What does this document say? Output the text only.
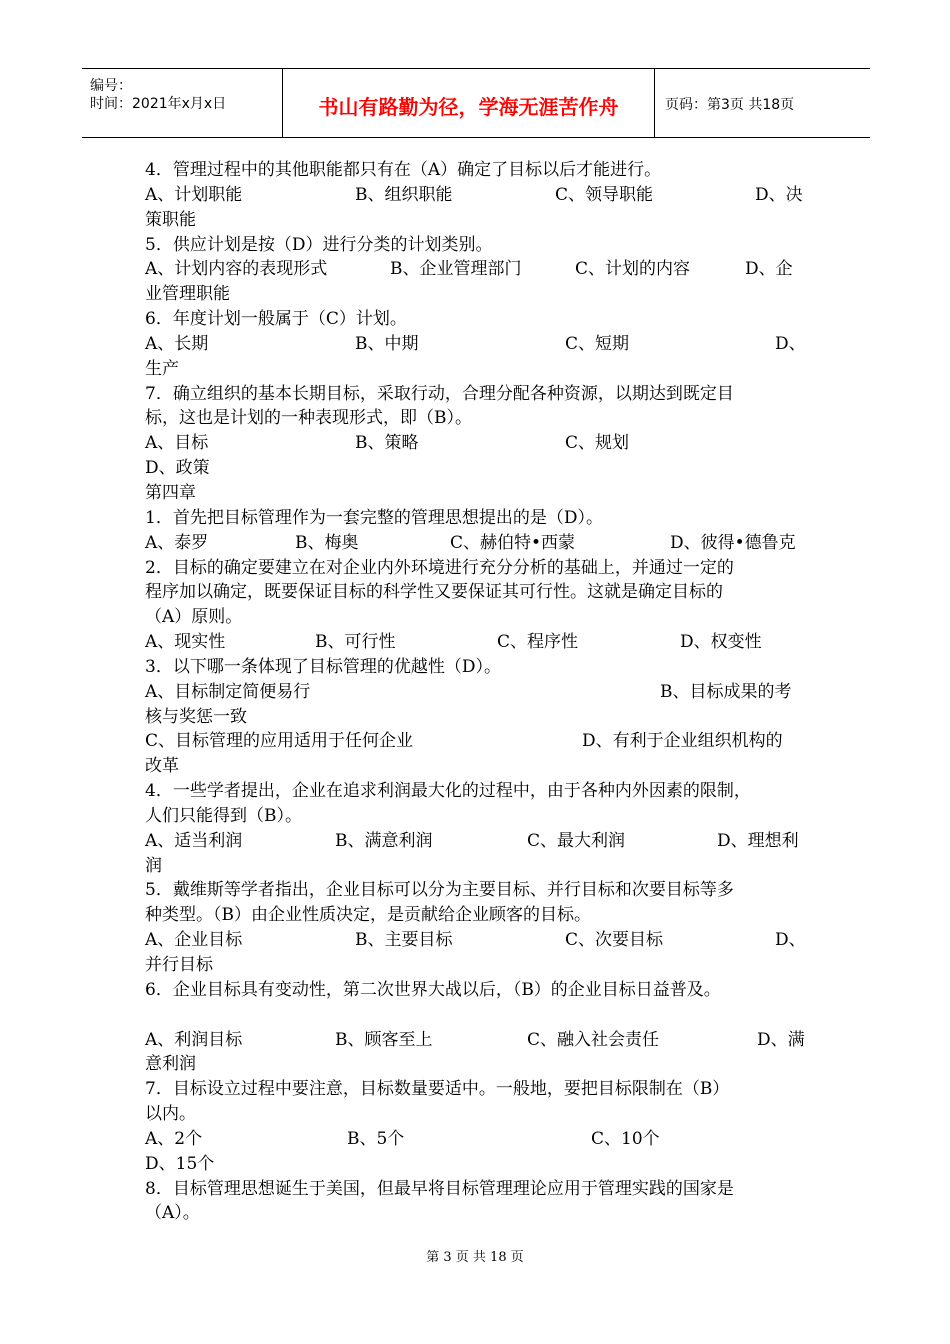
编号：
时间：2021年x月x日	书山有路勤为径，学海无涯苦作舟	页码：第3页 共18页
4．管理过程中的其他职能都只有在（A）确定了目标以后才能进行。
A、计划职能	B、组织职能	C、领导职能	D、决
策职能
5．供应计划是按（D）进行分类的计划类别。
A、计划内容的表现形式	B、企业管理部门	C、计划的内容	D、企
业管理职能
6．年度计划一般属于（C）计划。
A、长期	B、中期	C、短期	D、
生产
7．确立组织的基本长期目标，采取行动，合理分配各种资源，以期达到既定目
标，这也是计划的一种表现形式，即（B）。
A、目标	B、策略	C、规划
D、政策
第四章
1．首先把目标管理作为一套完整的管理思想提出的是（D）。
A、泰罗	B、梅奥	C、赫伯特•西蒙	D、彼得•德鲁克
2．目标的确定要建立在对企业内外环境进行充分分析的基础上，并通过一定的
程序加以确定，既要保证目标的科学性又要保证其可行性。这就是确定目标的
（A）原则。
A、现实性	B、可行性	C、程序性	D、权变性
3．以下哪一条体现了目标管理的优越性（D）。
A、目标制定简便易行	B、目标成果的考
核与奖惩一致
C、目标管理的应用适用于任何企业	D、有利于企业组织机构的
改革
4．一些学者提出，企业在追求利润最大化的过程中，由于各种内外因素的限制，
人们只能得到（B）。
A、适当利润	B、满意利润	C、最大利润	D、理想利
润
5．戴维斯等学者指出，企业目标可以分为主要目标、并行目标和次要目标等多
种类型。（B）由企业性质决定，是贡献给企业顾客的目标。
A、企业目标	B、主要目标	C、次要目标	D、
并行目标
6．企业目标具有变动性，第二次世界大战以后，（B）的企业目标日益普及。
A、利润目标	B、顾客至上	C、融入社会责任	D、满
意利润
7．目标设立过程中要注意，目标数量要适中。一般地，要把目标限制在（B）
以内。
A、2个	B、5个	C、10个
D、15个
8．目标管理思想诞生于美国，但最早将目标管理理论应用于管理实践的国家是
（A）。
第 3 页 共 18 页
